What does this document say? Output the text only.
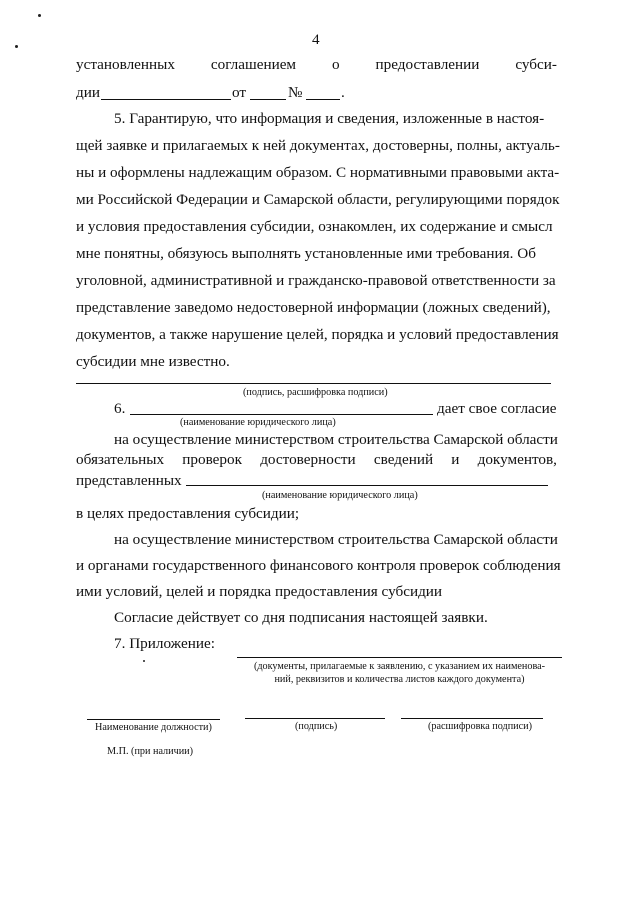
4
установленных соглашением о предоставлении субси-
дии	от	№	.
5. Гарантирую, что информация и сведения, изложенные в настоя-
щей заявке и прилагаемых к ней документах, достоверны, полны, актуаль-
ны и оформлены надлежащим образом. С нормативными правовыми акта-
ми Российской Федерации и Самарской области, регулирующими порядок
и условия предоставления субсидии, ознакомлен, их содержание и смысл
мне понятны, обязуюсь выполнять установленные ими требования. Об
уголовной, административной и гражданско-правовой ответственности за
представление заведомо недостоверной информации (ложных сведений),
документов, а также нарушение целей, порядка и условий предоставления
субсидии мне известно.
(подпись, расшифровка подписи)
6.	дает свое согласие
(наименование юридического лица)
на осуществление министерством строительства Самарской области
обязательных проверок достоверности сведений и документов,
представленных
(наименование юридического лица)
в целях предоставления субсидии;
на осуществление министерством строительства Самарской области
и органами государственного финансового контроля проверок соблюдения
ими условий, целей и порядка предоставления субсидии
Согласие действует со дня подписания настоящей заявки.
7. Приложение:
(документы, прилагаемые к заявлению, с указанием их наименова-
ний, реквизитов и количества листов каждого документа)
Наименование должности)	(подпись)	(расшифровка подписи)
М.П. (при наличии)
